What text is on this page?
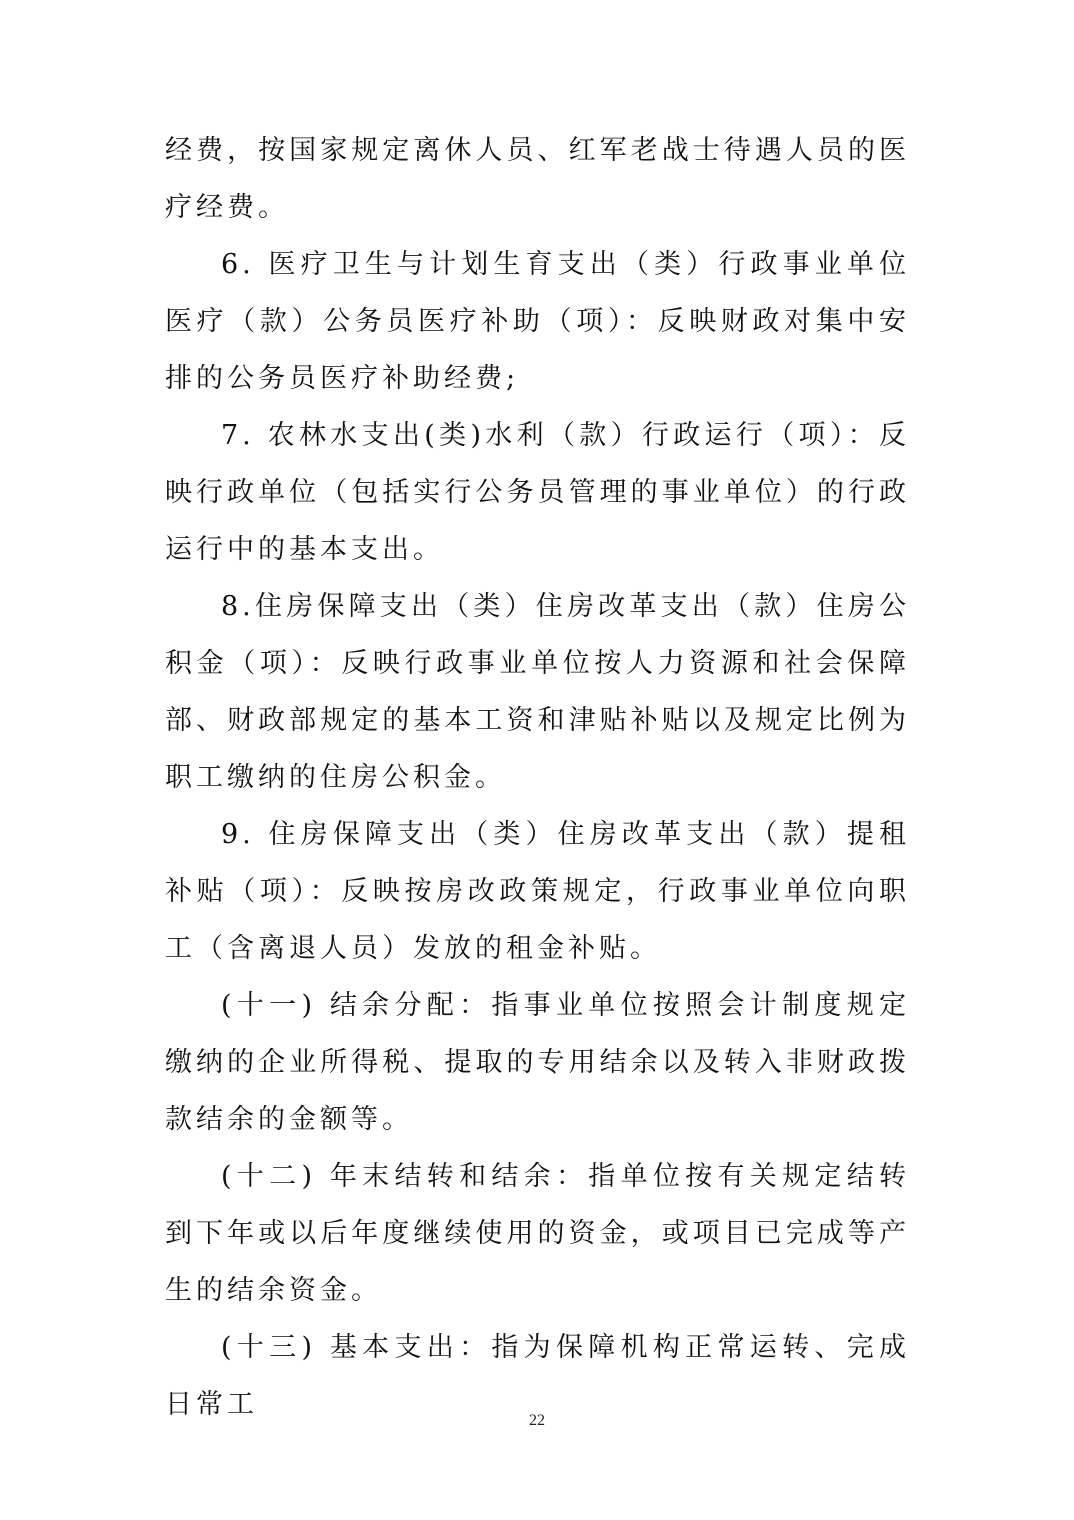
经费，按国家规定离休人员、红军老战士待遇人员的医疗经费。

6. 医疗卫生与计划生育支出（类）行政事业单位医疗（款）公务员医疗补助（项）：反映财政对集中安排的公务员医疗补助经费;

7. 农林水支出(类)水利（款）行政运行（项）：反映行政单位（包括实行公务员管理的事业单位）的行政运行中的基本支出。

8.住房保障支出（类）住房改革支出（款）住房公积金（项）：反映行政事业单位按人力资源和社会保障部、财政部规定的基本工资和津贴补贴以及规定比例为职工缴纳的住房公积金。

9. 住房保障支出（类）住房改革支出（款）提租补贴（项）：反映按房改政策规定，行政事业单位向职工（含离退人员）发放的租金补贴。

(十一) 结余分配：指事业单位按照会计制度规定缴纳的企业所得税、提取的专用结余以及转入非财政拨款结余的金额等。

(十二) 年末结转和结余：指单位按有关规定结转到下年或以后年度继续使用的资金，或项目已完成等产生的结余资金。

(十三) 基本支出：指为保障机构正常运转、完成日常工

22
